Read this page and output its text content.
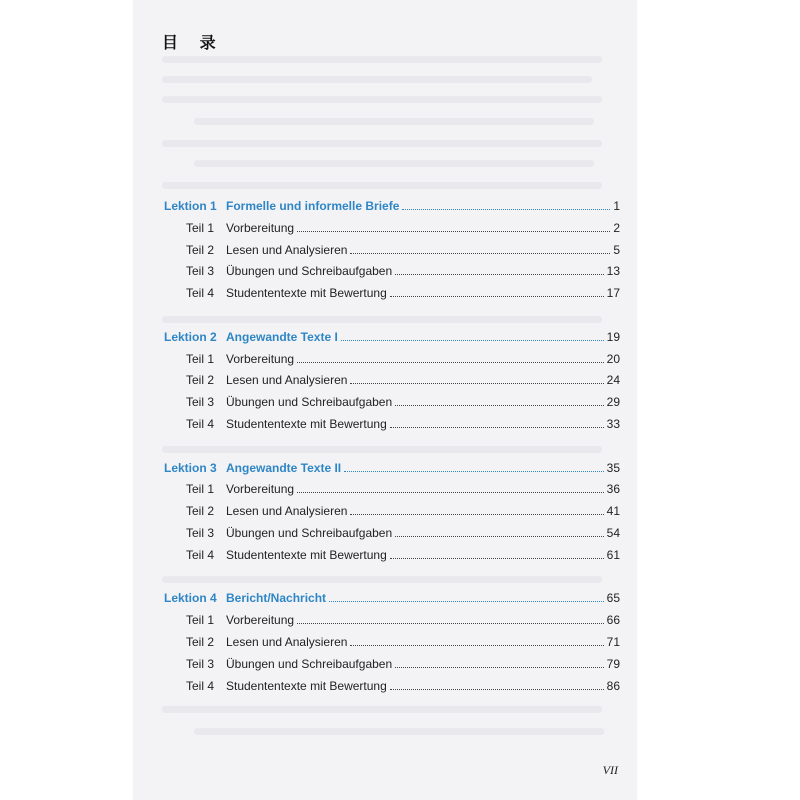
目 录
Lektion 1 Formelle und informelle Briefe	1
Teil 1 Vorbereitung	2
Teil 2 Lesen und Analysieren	5
Teil 3 Übungen und Schreibaufgaben	13
Teil 4 Studententexte mit Bewertung	17
Lektion 2 Angewandte Texte I	19
Teil 1 Vorbereitung	20
Teil 2 Lesen und Analysieren	24
Teil 3 Übungen und Schreibaufgaben	29
Teil 4 Studententexte mit Bewertung	33
Lektion 3 Angewandte Texte II	35
Teil 1 Vorbereitung	36
Teil 2 Lesen und Analysieren	41
Teil 3 Übungen und Schreibaufgaben	54
Teil 4 Studententexte mit Bewertung	61
Lektion 4 Bericht/Nachricht	65
Teil 1 Vorbereitung	66
Teil 2 Lesen und Analysieren	71
Teil 3 Übungen und Schreibaufgaben	79
Teil 4 Studententexte mit Bewertung	86
VII
